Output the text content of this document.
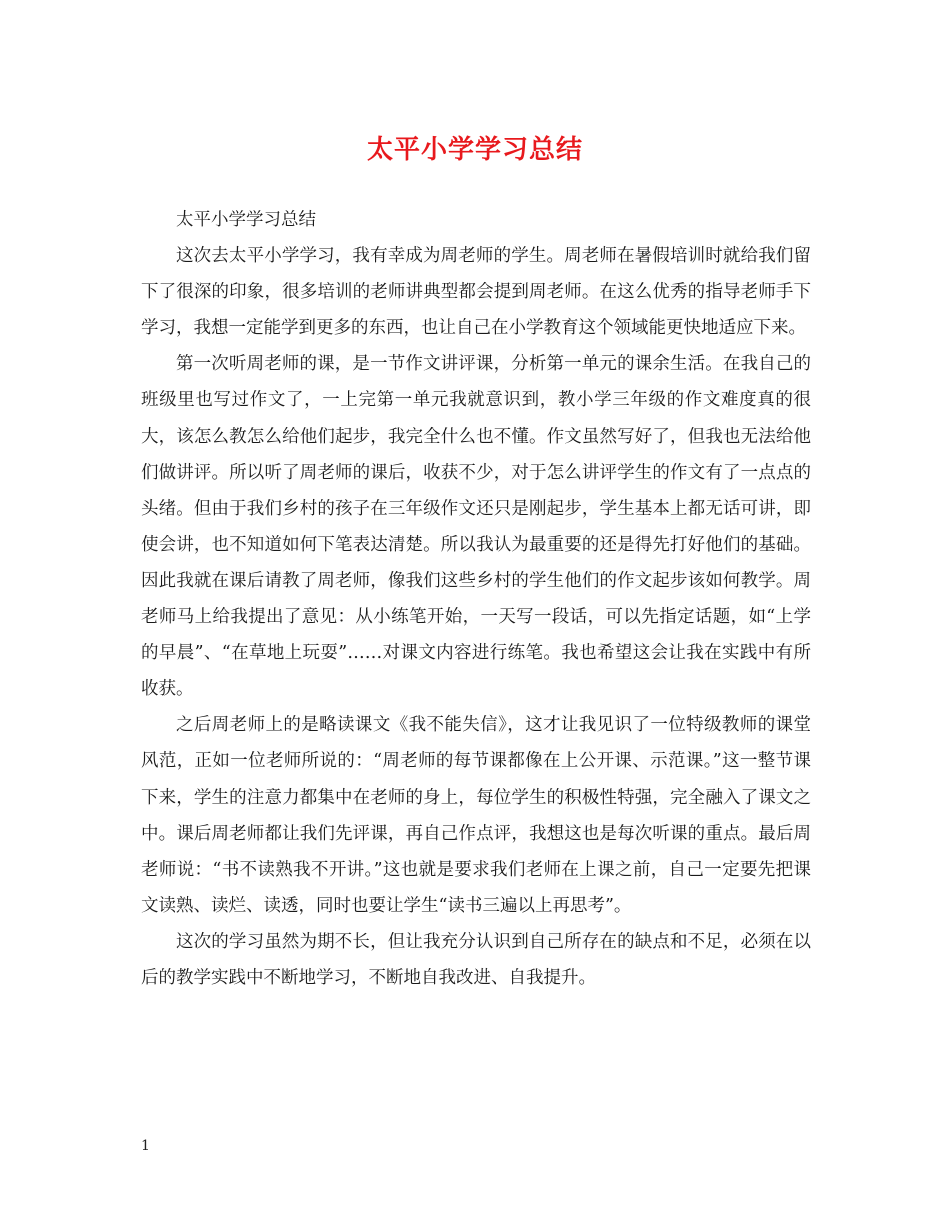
太平小学学习总结

太平小学学习总结

这次去太平小学学习，我有幸成为周老师的学生。周老师在暑假培训时就给我们留下了很深的印象，很多培训的老师讲典型都会提到周老师。在这么优秀的指导老师手下学习，我想一定能学到更多的东西，也让自己在小学教育这个领域能更快地适应下来。

第一次听周老师的课，是一节作文讲评课，分析第一单元的课余生活。在我自己的班级里也写过作文了，一上完第一单元我就意识到，教小学三年级的作文难度真的很大，该怎么教怎么给他们起步，我完全什么也不懂。作文虽然写好了，但我也无法给他们做讲评。所以听了周老师的课后，收获不少，对于怎么讲评学生的作文有了一点点的头绪。但由于我们乡村的孩子在三年级作文还只是刚起步，学生基本上都无话可讲，即使会讲，也不知道如何下笔表达清楚。所以我认为最重要的还是得先打好他们的基础。因此我就在课后请教了周老师，像我们这些乡村的学生他们的作文起步该如何教学。周老师马上给我提出了意见：从小练笔开始，一天写一段话，可以先指定话题，如“上学的早晨”、“在草地上玩耍”……对课文内容进行练笔。我也希望这会让我在实践中有所收获。

之后周老师上的是略读课文《我不能失信》，这才让我见识了一位特级教师的课堂风范，正如一位老师所说的：“周老师的每节课都像在上公开课、示范课。”这一整节课下来，学生的注意力都集中在老师的身上，每位学生的积极性特强，完全融入了课文之中。课后周老师都让我们先评课，再自己作点评，我想这也是每次听课的重点。最后周老师说：“书不读熟我不开讲。”这也就是要求我们老师在上课之前，自己一定要先把课文读熟、读烂、读透，同时也要让学生“读书三遍以上再思考”。

这次的学习虽然为期不长，但让我充分认识到自己所存在的缺点和不足，必须在以后的教学实践中不断地学习，不断地自我改进、自我提升。

1
